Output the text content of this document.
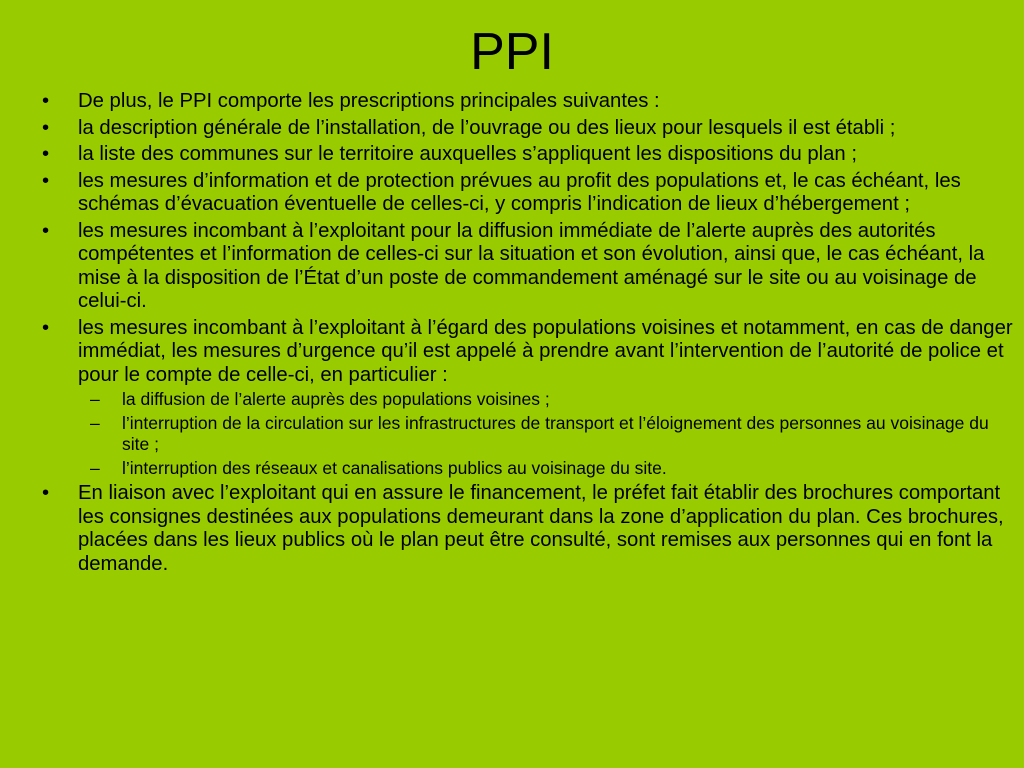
PPI
•	De plus, le PPI comporte les prescriptions principales suivantes :
•	la description générale de l’installation, de l’ouvrage ou des lieux pour lesquels il est établi ;
•	la liste des communes sur le territoire auxquelles s’appliquent les dispositions du plan ;
•	les mesures d’information et de protection prévues au profit des populations et, le cas échéant, les schémas d’évacuation éventuelle de celles-ci, y compris l’indication de lieux d’hébergement ;
•	les mesures incombant à l’exploitant pour la diffusion immédiate de l’alerte auprès des autorités compétentes et l’information de celles-ci sur la situation et son évolution, ainsi que, le cas échéant, la mise à la disposition de l’État d’un poste de commandement aménagé sur le site ou au voisinage de celui-ci.
•	les mesures incombant à l’exploitant à l’égard des populations voisines et notamment, en cas de danger immédiat, les mesures d’urgence qu’il est appelé à prendre avant l’intervention de l’autorité de police et pour le compte de celle-ci, en particulier :
– la diffusion de l’alerte auprès des populations voisines ;
– l’interruption de la circulation sur les infrastructures de transport et l’éloignement des personnes au voisinage du site ;
– l’interruption des réseaux et canalisations publics au voisinage du site.
•	En liaison avec l’exploitant qui en assure le financement, le préfet fait établir des brochures comportant les consignes destinées aux populations demeurant dans la zone d’application du plan. Ces brochures, placées dans les lieux publics où le plan peut être consulté, sont remises aux personnes qui en font la demande.
